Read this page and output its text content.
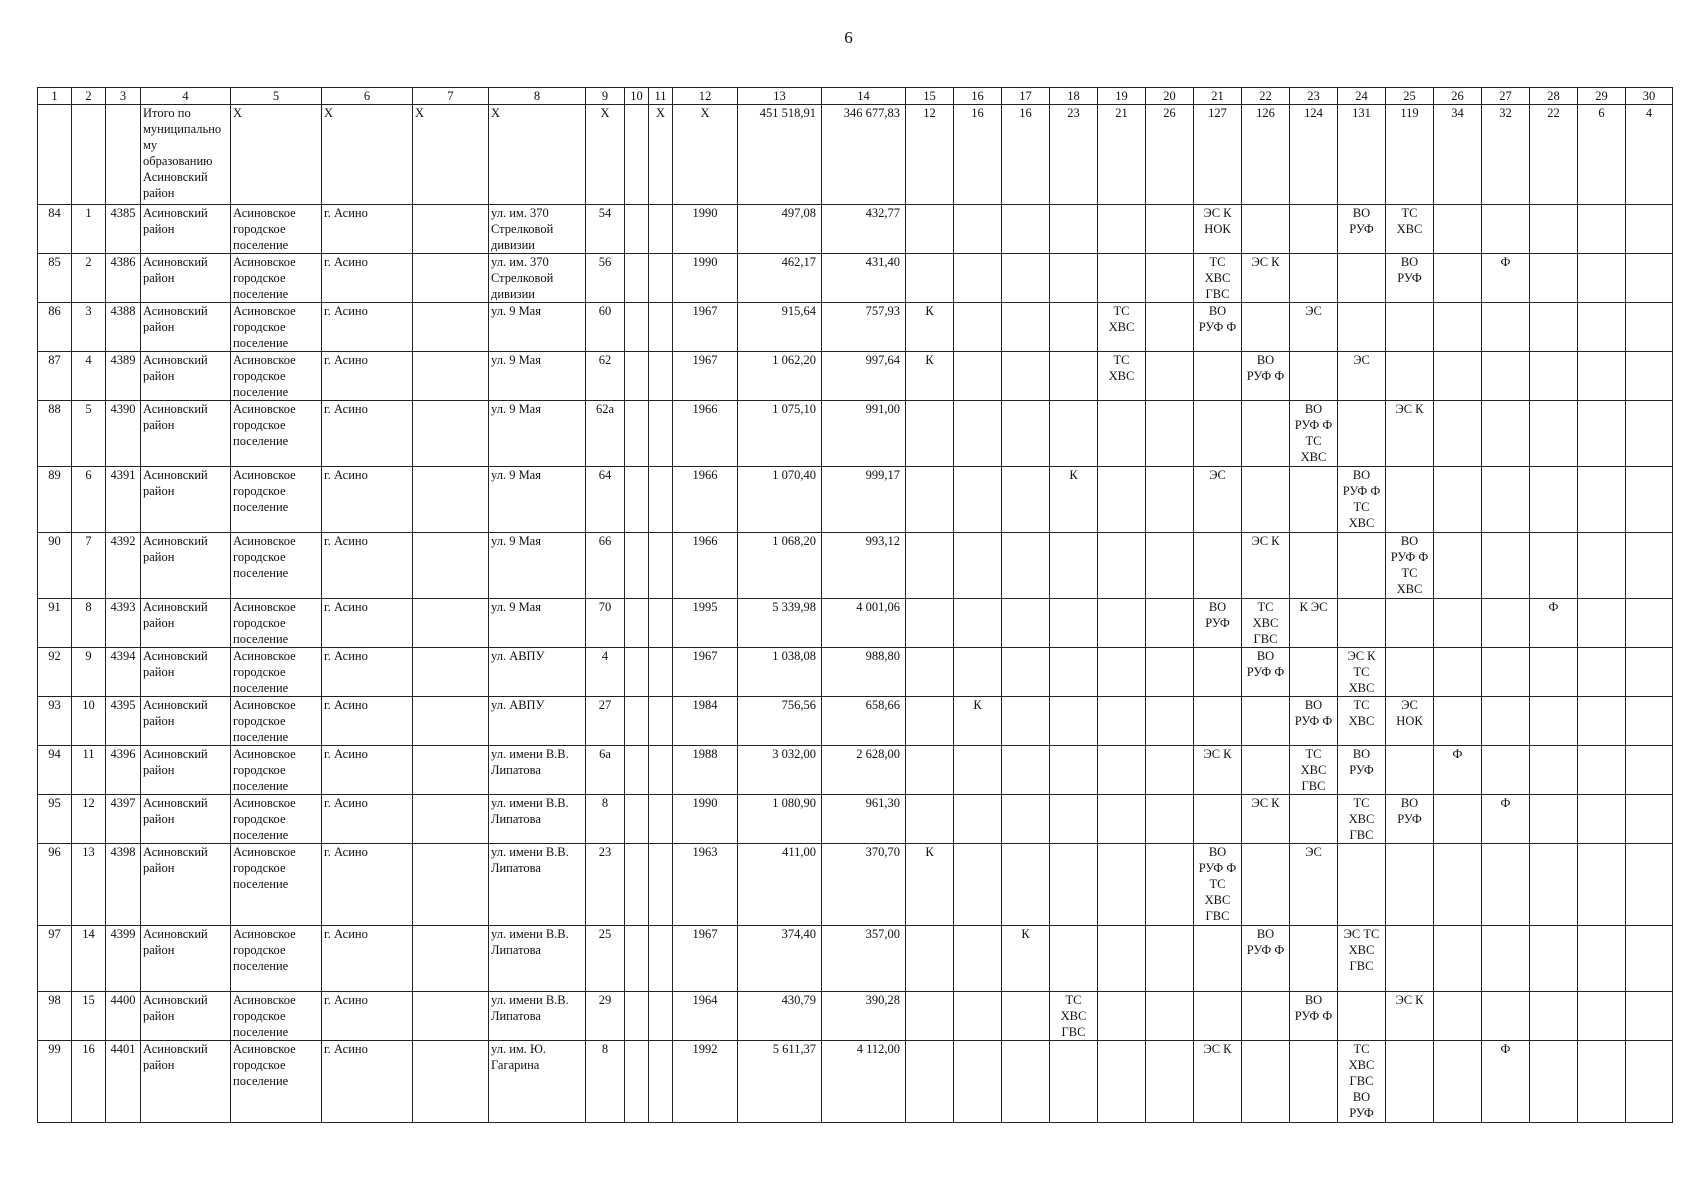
6
1	2	3	4	5	6	7	8	9	10	11	12	13	14	15	16	17	18	19	20	21	22	23	24	25	26	27	28	29	30
			Итого по муниципальному образованию Асиновский район	X	X	X	X	X		X	X	451 518,91	346 677,83	12	16	16	23	21	26	127	126	124	131	119	34	32	22	6	4
84	1	4385	Асиновский район	Асиновское городское поселение	г. Асино		ул. им. 370 Стрелковой дивизии	54			1990	497,08	432,77							ЭС К
НОК			ВО
РУФ	ТС
ХВС					
85	2	4386	Асиновский район	Асиновское городское поселение	г. Асино		ул. им. 370 Стрелковой дивизии	56			1990	462,17	431,40							ТС
ХВС
ГВС	ЭС К			ВО
РУФ		Ф			
86	3	4388	Асиновский район	Асиновское городское поселение	г. Асино		ул. 9 Мая	60			1967	915,64	757,93	К				ТС
ХВС		ВО
РУФ Ф		ЭС							
87	4	4389	Асиновский район	Асиновское городское поселение	г. Асино		ул. 9 Мая	62			1967	1 062,20	997,64	К				ТС
ХВС			ВО
РУФ Ф		ЭС						
88	5	4390	Асиновский район	Асиновское городское поселение	г. Асино		ул. 9 Мая	62а			1966	1 075,10	991,00									ВО
РУФ Ф
ТС
ХВС		ЭС К					
89	6	4391	Асиновский район	Асиновское городское поселение	г. Асино		ул. 9 Мая	64			1966	1 070,40	999,17				К			ЭС			ВО
РУФ Ф
ТС
ХВС						
90	7	4392	Асиновский район	Асиновское городское поселение	г. Асино		ул. 9 Мая	66			1966	1 068,20	993,12								ЭС К			ВО
РУФ Ф
ТС
ХВС					
91	8	4393	Асиновский район	Асиновское городское поселение	г. Асино		ул. 9 Мая	70			1995	5 339,98	4 001,06							ВО
РУФ	ТС
ХВС
ГВС	К ЭС					Ф		
92	9	4394	Асиновский район	Асиновское городское поселение	г. Асино		ул. АВПУ	4			1967	1 038,08	988,80								ВО
РУФ Ф		ЭС К
ТС
ХВС						
93	10	4395	Асиновский район	Асиновское городское поселение	г. Асино		ул. АВПУ	27			1984	756,56	658,66		К							ВО
РУФ Ф	ТС
ХВС	ЭС
НОК					
94	11	4396	Асиновский район	Асиновское городское поселение	г. Асино		ул. имени В.В. Липатова	6а			1988	3 032,00	2 628,00							ЭС К		ТС
ХВС
ГВС	ВО
РУФ		Ф				
95	12	4397	Асиновский район	Асиновское городское поселение	г. Асино		ул. имени В.В. Липатова	8			1990	1 080,90	961,30								ЭС К		ТС
ХВС
ГВС	ВО
РУФ		Ф			
96	13	4398	Асиновский район	Асиновское городское поселение	г. Асино		ул. имени В.В. Липатова	23			1963	411,00	370,70	К						ВО
РУФ Ф
ТС
ХВС
ГВС		ЭС							
97	14	4399	Асиновский район	Асиновское городское поселение	г. Асино		ул. имени В.В. Липатова	25			1967	374,40	357,00			К					ВО
РУФ Ф		ЭС ТС
ХВС
ГВС						
98	15	4400	Асиновский район	Асиновское городское поселение	г. Асино		ул. имени В.В. Липатова	29			1964	430,79	390,28				ТС
ХВС
ГВС					ВО
РУФ Ф		ЭС К					
99	16	4401	Асиновский район	Асиновское городское поселение	г. Асино		ул. им. Ю. Гагарина	8			1992	5 611,37	4 112,00							ЭС К			ТС
ХВС
ГВС
ВО
РУФ			Ф			
